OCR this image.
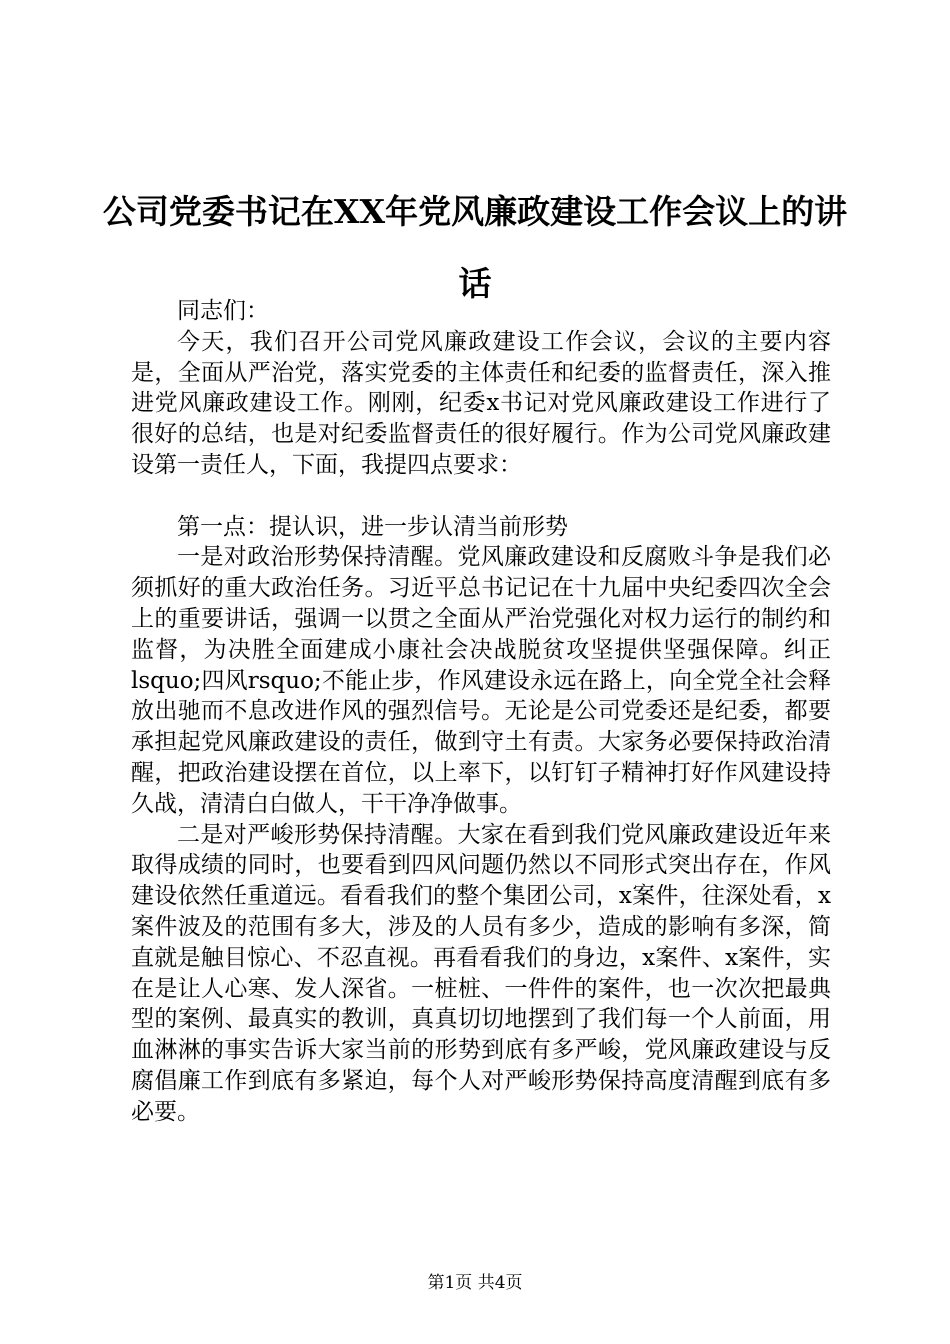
公司党委书记在XX年党风廉政建设工作会议上的讲话

同志们：

今天，我们召开公司党风廉政建设工作会议，会议的主要内容是，全面从严治党，落实党委的主体责任和纪委的监督责任，深入推进党风廉政建设工作。刚刚，纪委x书记对党风廉政建设工作进行了很好的总结，也是对纪委监督责任的很好履行。作为公司党风廉政建设第一责任人，下面，我提四点要求：

第一点：提认识，进一步认清当前形势

一是对政治形势保持清醒。党风廉政建设和反腐败斗争是我们必须抓好的重大政治任务。习近平总书记记在十九届中央纪委四次全会上的重要讲话，强调一以贯之全面从严治党强化对权力运行的制约和监督，为决胜全面建成小康社会决战脱贫攻坚提供坚强保障。纠正lsquo;四风rsquo;不能止步，作风建设永远在路上，向全党全社会释放出驰而不息改进作风的强烈信号。无论是公司党委还是纪委，都要承担起党风廉政建设的责任，做到守土有责。大家务必要保持政治清醒，把政治建设摆在首位，以上率下，以钉钉子精神打好作风建设持久战，清清白白做人，干干净净做事。

二是对严峻形势保持清醒。大家在看到我们党风廉政建设近年来取得成绩的同时，也要看到四风问题仍然以不同形式突出存在，作风建设依然任重道远。看看我们的整个集团公司，x案件，往深处看，x案件波及的范围有多大，涉及的人员有多少，造成的影响有多深，简直就是触目惊心、不忍直视。再看看我们的身边，x案件、x案件，实在是让人心寒、发人深省。一桩桩、一件件的案件，也一次次把最典型的案例、最真实的教训，真真切切地摆到了我们每一个人前面，用血淋淋的事实告诉大家当前的形势到底有多严峻，党风廉政建设与反腐倡廉工作到底有多紧迫，每个人对严峻形势保持高度清醒到底有多必要。

第1页 共4页
